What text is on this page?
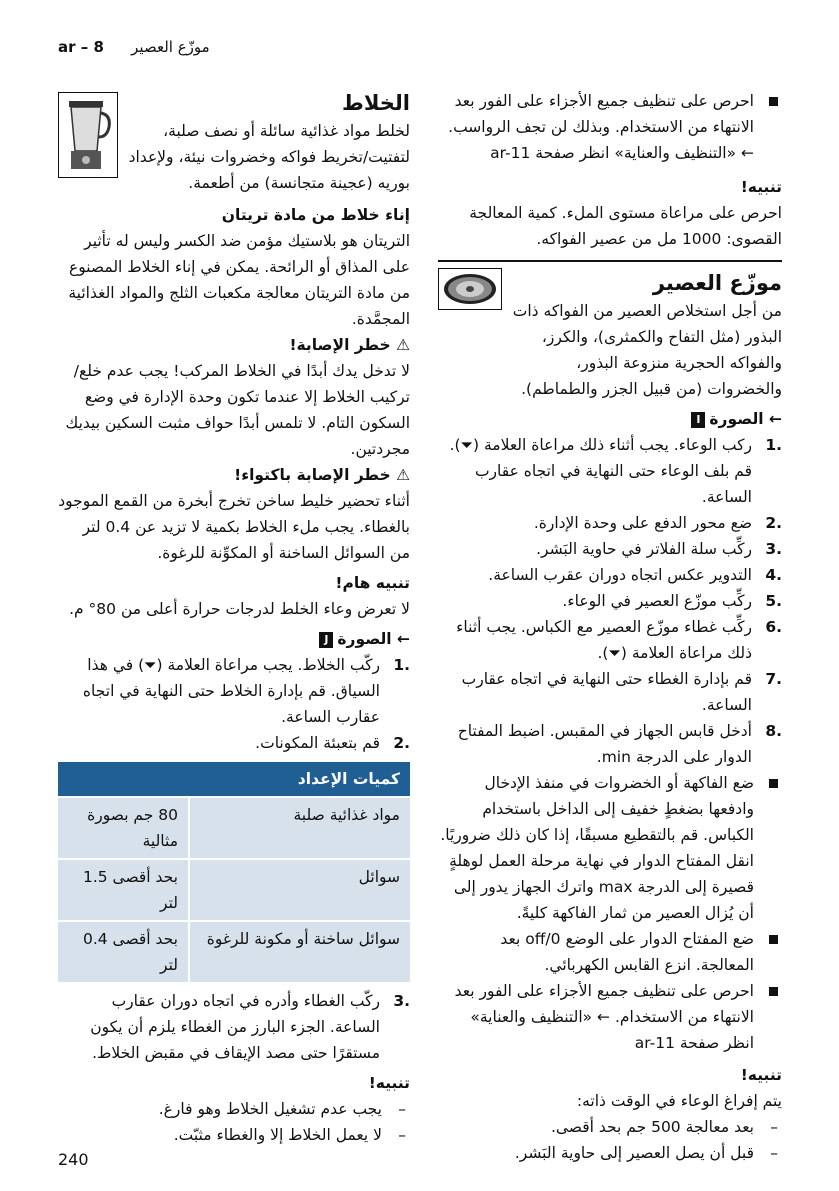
ar – 8 موزّع العصير

احرص على تنظيف جميع الأجزاء على الفور بعد الانتهاء من الاستخدام. وبذلك لن تجف الرواسب. ← «التنظيف والعناية» انظر صفحة ar-11

تنبيه!

احرص على مراعاة مستوى الملء. كمية المعالجة القصوى: 1000 مل من عصير الفواكه.

موزّع العصير

من أجل استخلاص العصير من الفواكه ذات البذور (مثل التفاح والكمثرى)، والكرز، والفواكه الحجرية منزوعة البذور، والخضروات (من قبيل الجزر والطماطم).

← الصورةI

1.
ركب الوعاء. يجب أثناء ذلك مراعاة العلامة (⏷). قم بلف الوعاء حتى النهاية في اتجاه عقارب الساعة.

2.
ضع محور الدفع على وحدة الإدارة.

3.
ركِّب سلة الفلاتر في حاوية البَشر.

4.
التدوير عكس اتجاه دوران عقرب الساعة.

5.
ركِّب موزّع العصير في الوعاء.

6.
ركِّب غطاء موزّع العصير مع الكباس. يجب أثناء ذلك مراعاة العلامة (⏷).

7.
قم بإدارة الغطاء حتى النهاية في اتجاه عقارب الساعة.

8.
أدخل قابس الجهاز في المقبس. اضبط المفتاح الدوار على الدرجة min.

ضع الفاكهة أو الخضروات في منفذ الإدخال وادفعها بضغطٍ خفيف إلى الداخل باستخدام الكباس. قم بالتقطيع مسبقًا، إذا كان ذلك ضروريًا. انقل المفتاح الدوار في نهاية مرحلة العمل لوهلةٍ قصيرة إلى الدرجة max واترك الجهاز يدور إلى أن يُزال العصير من ثمار الفاكهة كليةً.

ضع المفتاح الدوار على الوضع 0/off بعد المعالجة. انزع القابس الكهربائي.

احرص على تنظيف جميع الأجزاء على الفور بعد الانتهاء من الاستخدام. ← «التنظيف والعناية» انظر صفحة ar-11

تنبيه!

يتم إفراغ الوعاء في الوقت ذاته:

– بعد معالجة 500 جم بحد أقصى.

– قبل أن يصل العصير إلى حاوية البَشر.

الخلاط

لخلط مواد غذائية سائلة أو نصف صلبة، لتفتيت/تخريط فواكه وخضروات نيئة، ولإعداد بوريه (عجينة متجانسة) من أطعمة.

إناء خلاط من مادة تريتان

التريتان هو بلاستيك مؤمن ضد الكسر وليس له تأثير على المذاق أو الرائحة. يمكن في إناء الخلاط المصنوع من مادة التريتان معالجة مكعبات الثلج والمواد الغذائية المجمَّدة.

⚠ خطر الإصابة!

لا تدخل يدك أبدًا في الخلاط المركب! يجب عدم خلع/تركيب الخلاط إلا عندما تكون وحدة الإدارة في وضع السكون التام. لا تلمس أبدًا حواف مثبت السكين بيديك مجردتين.

⚠ خطر الإصابة باكتواء!

أثناء تحضير خليط ساخن تخرج أبخرة من القمع الموجود بالغطاء. يجب ملء الخلاط بكمية لا تزيد عن 0.4 لتر من السوائل الساخنة أو المكوِّنة للرغوة.

تنبيه هام!

لا تعرض وعاء الخلط لدرجات حرارة أعلى من 80° م.

← الصورةJ

1.
ركّب الخلاط. يجب مراعاة العلامة (⏷) في هذا السياق. قم بإدارة الخلاط حتى النهاية في اتجاه عقارب الساعة.

2.
قم بتعبئة المكونات.

كميات الإعداد	
مواد غذائية صلبة	80 جم بصورة مثالية
سوائل	بحد أقصى 1.5 لتر
سوائل ساخنة أو مكونة للرغوة	بحد أقصى 0.4 لتر

3.
ركّب الغطاء وأدره في اتجاه دوران عقارب الساعة. الجزء البارز من الغطاء يلزم أن يكون مستقرًا حتى مصد الإيقاف في مقبض الخلاط.

تنبيه!

– يجب عدم تشغيل الخلاط وهو فارغ.

– لا يعمل الخلاط إلا والغطاء مثبّت.

240
